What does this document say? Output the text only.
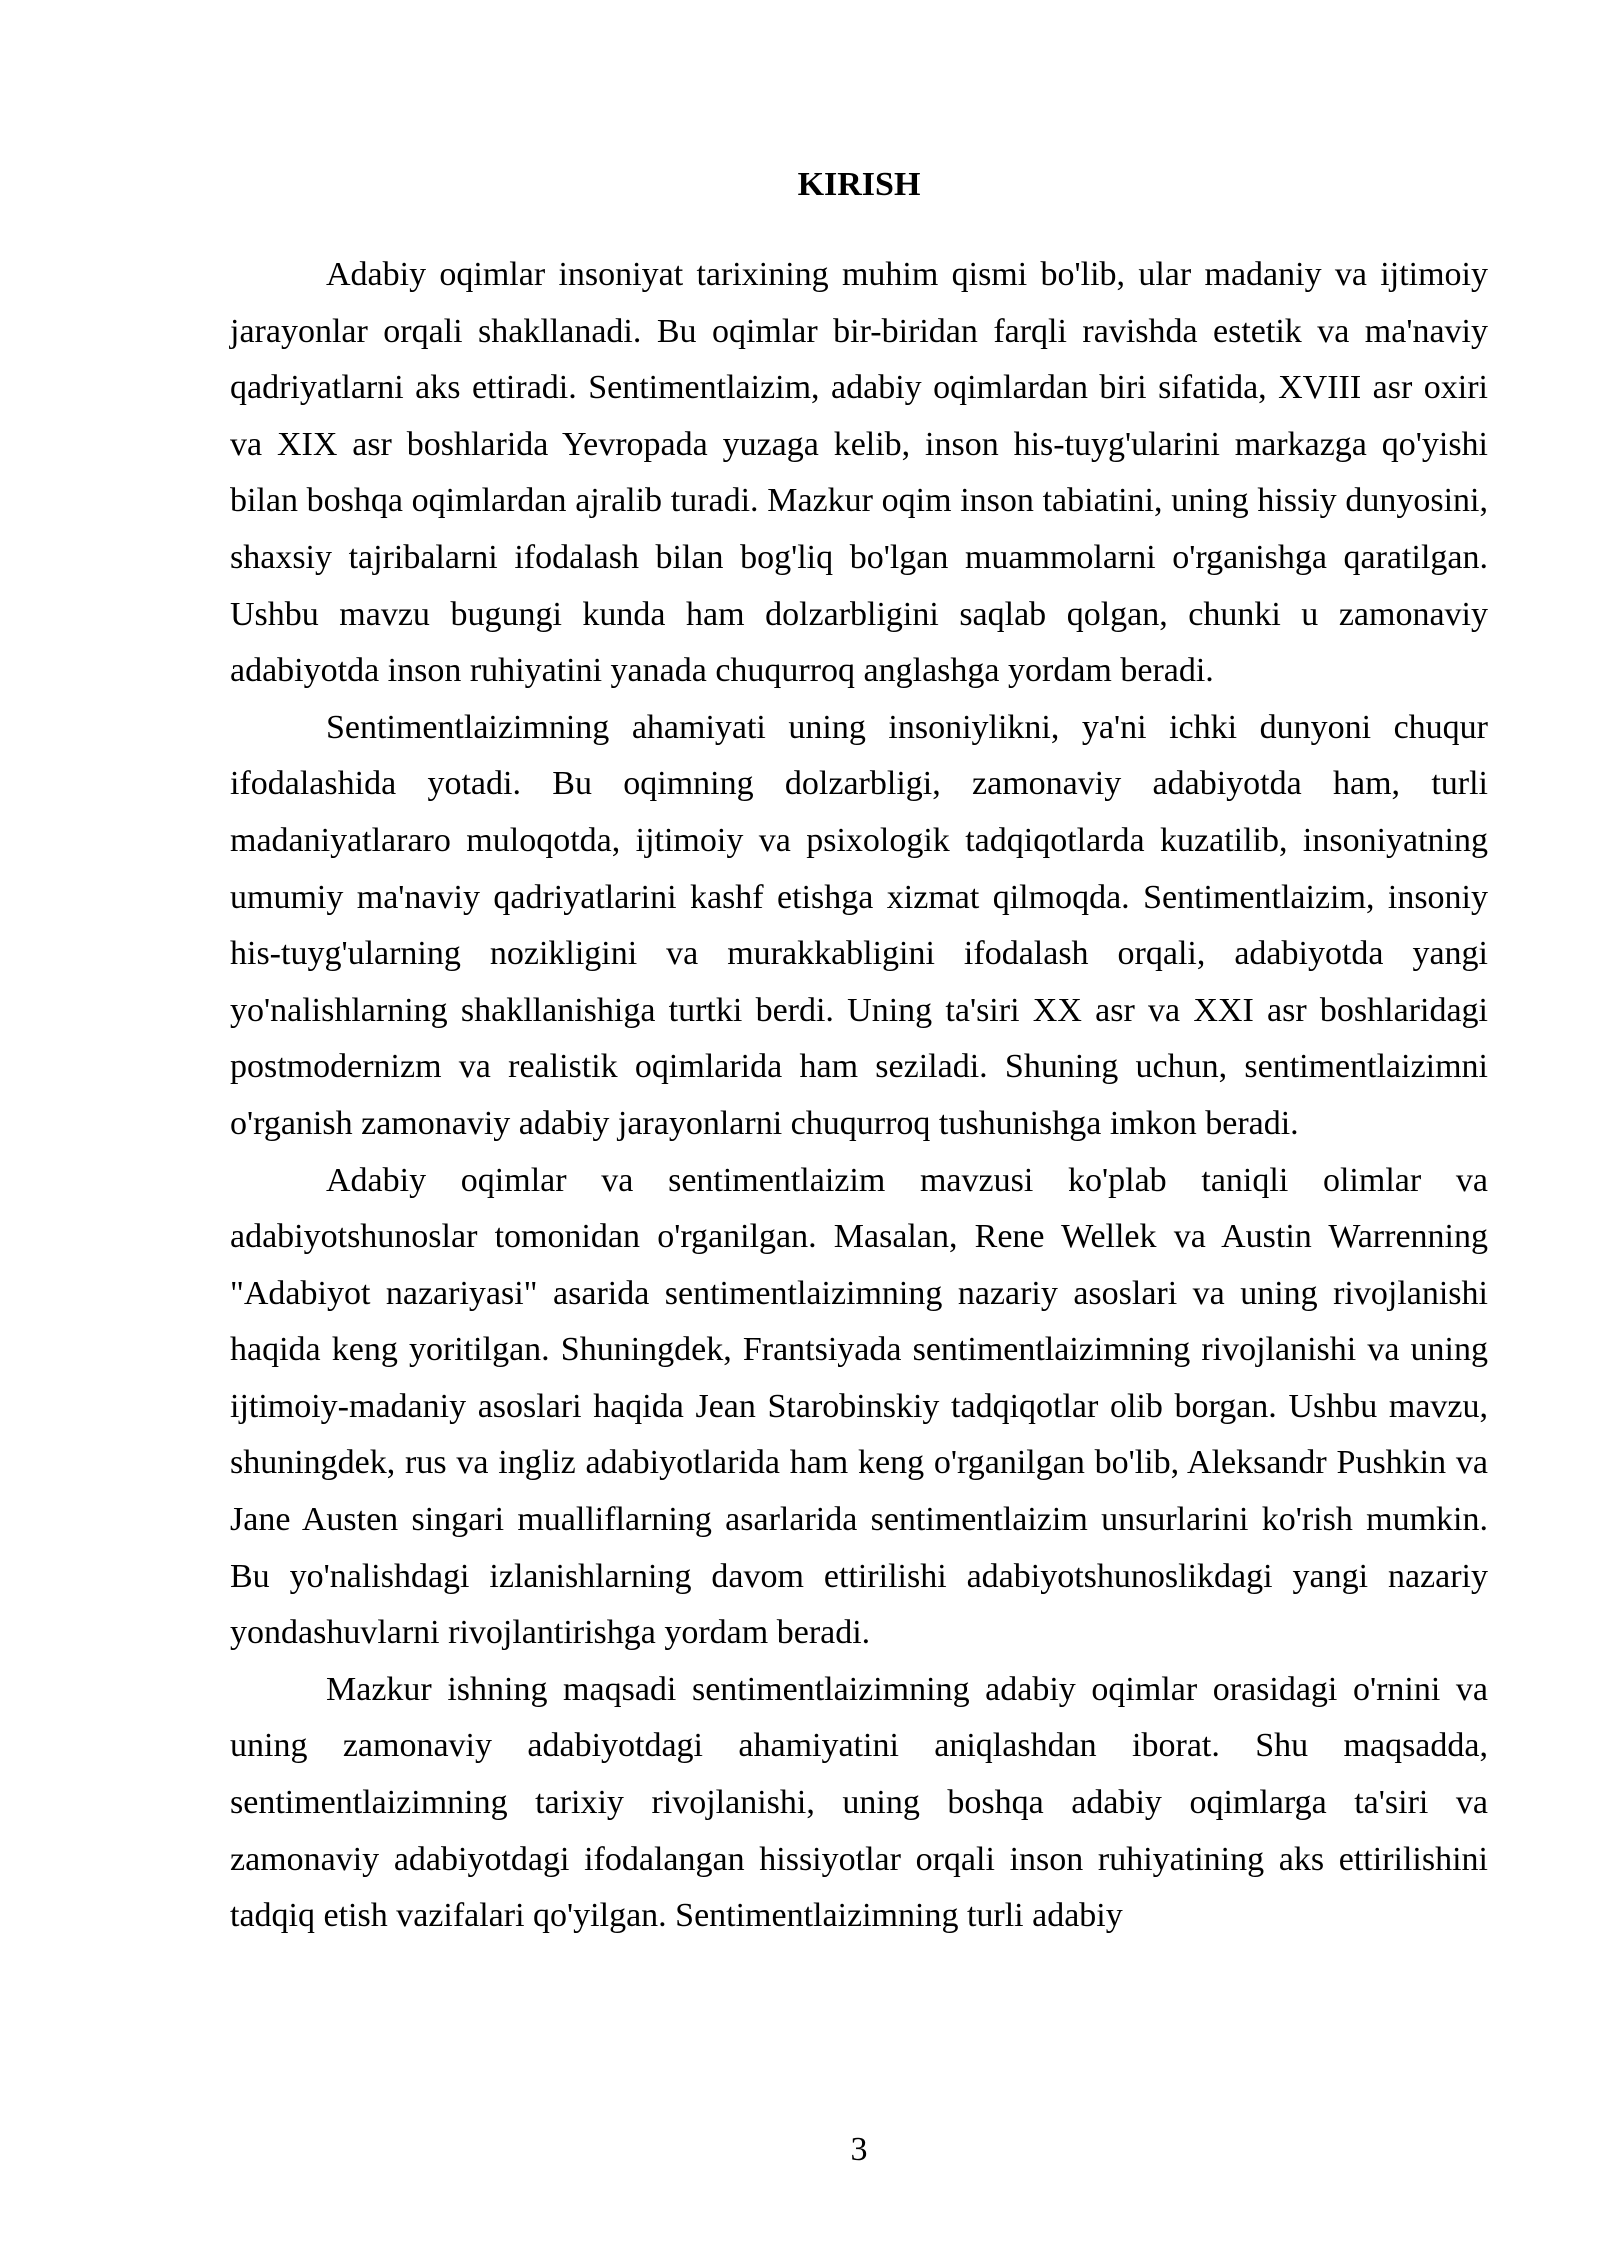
KIRISH

Adabiy oqimlar insoniyat tarixining muhim qismi bo'lib, ular madaniy va ijtimoiy jarayonlar orqali shakllanadi. Bu oqimlar bir-biridan farqli ravishda estetik va ma'naviy qadriyatlarni aks ettiradi. Sentimentlaizim, adabiy oqimlardan biri sifatida, XVIII asr oxiri va XIX asr boshlarida Yevropada yuzaga kelib, inson his-tuyg'ularini markazga qo'yishi bilan boshqa oqimlardan ajralib turadi. Mazkur oqim inson tabiatini, uning hissiy dunyosini, shaxsiy tajribalarni ifodalash bilan bog'liq bo'lgan muammolarni o'rganishga qaratilgan. Ushbu mavzu bugungi kunda ham dolzarbligini saqlab qolgan, chunki u zamonaviy adabiyotda inson ruhiyatini yanada chuqurroq anglashga yordam beradi.

Sentimentlaizimning ahamiyati uning insoniylikni, ya'ni ichki dunyoni chuqur ifodalashida yotadi. Bu oqimning dolzarbligi, zamonaviy adabiyotda ham, turli madaniyatlararo muloqotda, ijtimoiy va psixologik tadqiqotlarda kuzatilib, insoniyatning umumiy ma'naviy qadriyatlarini kashf etishga xizmat qilmoqda. Sentimentlaizim, insoniy his-tuyg'ularning nozikligini va murakkabligini ifodalash orqali, adabiyotda yangi yo'nalishlarning shakllanishiga turtki berdi. Uning ta'siri XX asr va XXI asr boshlaridagi postmodernizm va realistik oqimlarida ham seziladi. Shuning uchun, sentimentlaizimni o'rganish zamonaviy adabiy jarayonlarni chuqurroq tushunishga imkon beradi.

Adabiy oqimlar va sentimentlaizim mavzusi ko'plab taniqli olimlar va adabiyotshunoslar tomonidan o'rganilgan. Masalan, Rene Wellek va Austin Warrenning "Adabiyot nazariyasi" asarida sentimentlaizimning nazariy asoslari va uning rivojlanishi haqida keng yoritilgan. Shuningdek, Frantsiyada sentimentlaizimning rivojlanishi va uning ijtimoiy-madaniy asoslari haqida Jean Starobinskiy tadqiqotlar olib borgan. Ushbu mavzu, shuningdek, rus va ingliz adabiyotlarida ham keng o'rganilgan bo'lib, Aleksandr Pushkin va Jane Austen singari mualliflarning asarlarida sentimentlaizim unsurlarini ko'rish mumkin. Bu yo'nalishdagi izlanishlarning davom ettirilishi adabiyotshunoslikdagi yangi nazariy yondashuvlarni rivojlantirishga yordam beradi.

Mazkur ishning maqsadi sentimentlaizimning adabiy oqimlar orasidagi o'rnini va uning zamonaviy adabiyotdagi ahamiyatini aniqlashdan iborat. Shu maqsadda, sentimentlaizimning tarixiy rivojlanishi, uning boshqa adabiy oqimlarga ta'siri va zamonaviy adabiyotdagi ifodalangan hissiyotlar orqali inson ruhiyatining aks ettirilishini tadqiq etish vazifalari qo'yilgan. Sentimentlaizimning turli adabiy

3
